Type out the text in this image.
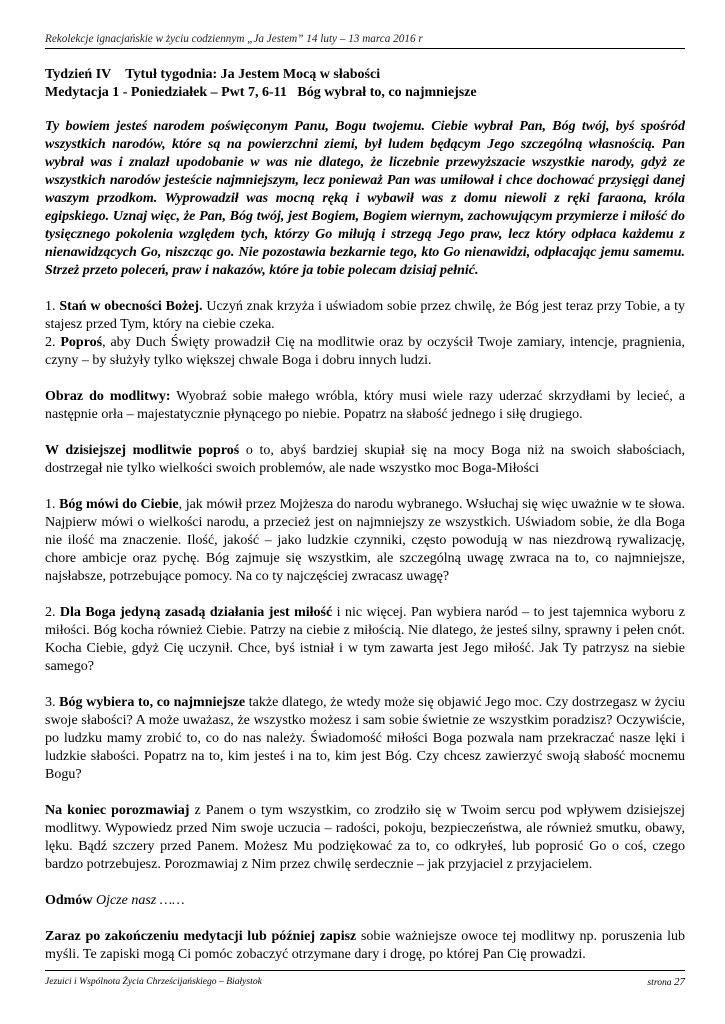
Rekolekcje ignacjańskie w życiu codziennym „Ja Jestem” 14 luty – 13 marca 2016 r
Tydzień IV Tytuł tygodnia: Ja Jestem Mocą w słabości
Medytacja 1 - Poniedziałek – Pwt 7, 6-11 Bóg wybrał to, co najmniejsze

Ty bowiem jesteś narodem poświęconym Panu, Bogu twojemu. Ciebie wybrał Pan, Bóg twój, byś spośród wszystkich narodów, które są na powierzchni ziemi, był ludem będącym Jego szczególną własnością. Pan wybrał was i znalazł upodobanie w was nie dlatego, że liczebnie przewyższacie wszystkie narody, gdyż ze wszystkich narodów jesteście najmniejszym, lecz ponieważ Pan was umiłował i chce dochować przysięgi danej waszym przodkom. Wyprowadził was mocną ręką i wybawił was z domu niewoli z ręki faraona, króla egipskiego. Uznaj więc, że Pan, Bóg twój, jest Bogiem, Bogiem wiernym, zachowującym przymierze i miłość do tysięcznego pokolenia względem tych, którzy Go miłują i strzegą Jego praw, lecz który odpłaca każdemu z nienawidzących Go, niszcząc go. Nie pozostawia bezkarnie tego, kto Go nienawidzi, odpłacając jemu samemu. Strzeż przeto poleceń, praw i nakazów, które ja tobie polecam dzisiaj pełnić.

1. Stań w obecności Bożej. Uczyń znak krzyża i uświadom sobie przez chwilę, że Bóg jest teraz przy Tobie, a ty stajesz przed Tym, który na ciebie czeka.

2. Poproś, aby Duch Święty prowadził Cię na modlitwie oraz by oczyścił Twoje zamiary, intencje, pragnienia, czyny – by służyły tylko większej chwale Boga i dobru innych ludzi.

Obraz do modlitwy: Wyobraź sobie małego wróbla, który musi wiele razy uderzać skrzydłami by lecieć, a następnie orła – majestatycznie płynącego po niebie. Popatrz na słabość jednego i siłę drugiego.

W dzisiejszej modlitwie poproś o to, abyś bardziej skupiał się na mocy Boga niż na swoich słabościach, dostrzegał nie tylko wielkości swoich problemów, ale nade wszystko moc Boga-Miłości

1. Bóg mówi do Ciebie, jak mówił przez Mojżesza do narodu wybranego. Wsłuchaj się więc uważnie w te słowa. Najpierw mówi o wielkości narodu, a przecież jest on najmniejszy ze wszystkich. Uświadom sobie, że dla Boga nie ilość ma znaczenie. Ilość, jakość – jako ludzkie czynniki, często powodują w nas niezdrową rywalizację, chore ambicje oraz pychę. Bóg zajmuje się wszystkim, ale szczególną uwagę zwraca na to, co najmniejsze, najsłabsze, potrzebujące pomocy. Na co ty najczęściej zwracasz uwagę?

2. Dla Boga jedyną zasadą działania jest miłość i nic więcej. Pan wybiera naród – to jest tajemnica wyboru z miłości. Bóg kocha również Ciebie. Patrzy na ciebie z miłością. Nie dlatego, że jesteś silny, sprawny i pełen cnót. Kocha Ciebie, gdyż Cię uczynił. Chce, byś istniał i w tym zawarta jest Jego miłość. Jak Ty patrzysz na siebie samego?

3. Bóg wybiera to, co najmniejsze także dlatego, że wtedy może się objawić Jego moc. Czy dostrzegasz w życiu swoje słabości? A może uważasz, że wszystko możesz i sam sobie świetnie ze wszystkim poradzisz? Oczywiście, po ludzku mamy zrobić to, co do nas należy. Świadomość miłości Boga pozwala nam przekraczać nasze lęki i ludzkie słabości. Popatrz na to, kim jesteś i na to, kim jest Bóg. Czy chcesz zawierzyć swoją słabość mocnemu Bogu?

Na koniec porozmawiaj z Panem o tym wszystkim, co zrodziło się w Twoim sercu pod wpływem dzisiejszej modlitwy. Wypowiedz przed Nim swoje uczucia – radości, pokoju, bezpieczeństwa, ale również smutku, obawy, lęku. Bądź szczery przed Panem. Możesz Mu podziękować za to, co odkryłeś, lub poprosić Go o coś, czego bardzo potrzebujesz. Porozmawiaj z Nim przez chwilę serdecznie – jak przyjaciel z przyjacielem.

Odmów Ojcze nasz ……

Zaraz po zakończeniu medytacji lub później zapisz sobie ważniejsze owoce tej modlitwy np. poruszenia lub myśli. Te zapiski mogą Ci pomóc zobaczyć otrzymane dary i drogę, po której Pan Cię prowadzi.

Jezuici i Wspólnota Życia Chrześcijańskiego – Białystok	strona 27
